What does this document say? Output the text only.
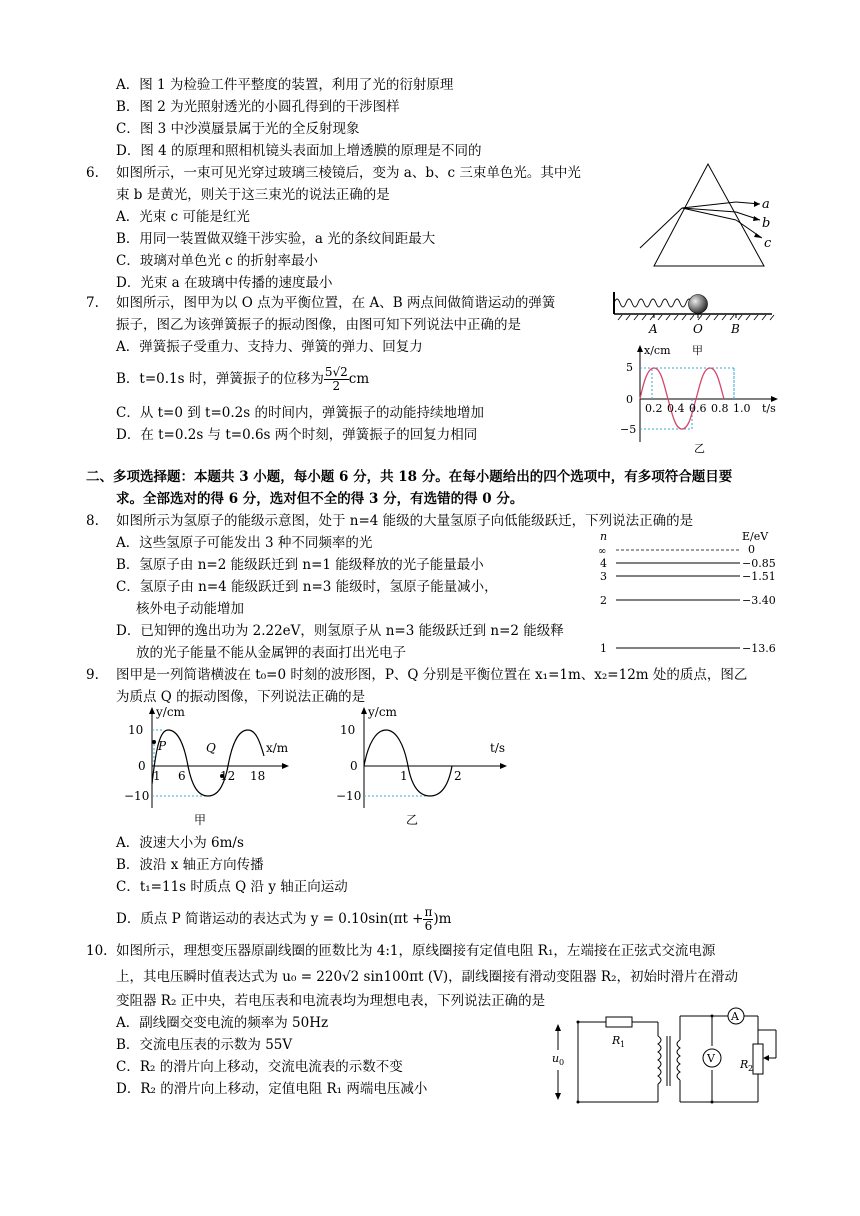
A．图 1 为检验工件平整度的装置，利用了光的衍射原理
B．图 2 为光照射透光的小圆孔得到的干涉图样
C．图 3 中沙漠蜃景属于光的全反射现象
D．图 4 的原理和照相机镜头表面加上增透膜的原理是不同的
6. 如图所示，一束可见光穿过玻璃三棱镜后，变为 a、b、c 三束单色光。其中光
束 b 是黄光，则关于这三束光的说法正确的是
A．光束 c 可能是红光
B．用同一装置做双缝干涉实验，a 光的条纹间距最大
C．玻璃对单色光 c 的折射率最小
D．光束 a 在玻璃中传播的速度最小
a
b
c
7. 如图所示，图甲为以 O 点为平衡位置，在 A、B 两点间做简谐运动的弹簧
振子，图乙为该弹簧振子的振动图像，由图可知下列说法中正确的是
A．弹簧振子受重力、支持力、弹簧的弹力、回复力
B．t=0.1s 时，弹簧振子的位移为 $\frac{5√2}{2}$ cm
C．从 t=0 到 t=0.2s 的时间内，弹簧振子的动能持续地增加
D．在 t=0.2s 与 t=0.6s 两个时刻，弹簧振子的回复力相同
A	O B
x/cm 甲
5
0
−5
0.2 0.4 0.6 0.8 1.0 t/s
乙
二、多项选择题：本题共 3 小题，每小题 6 分，共 18 分。在每小题给出的四个选项中，有多项符合题目要
求。全部选对的得 6 分，选对但不全的得 3 分，有选错的得 0 分。
8. 如图所示为氢原子的能级示意图，处于 n=4 能级的大量氢原子向低能级跃迁，下列说法正确的是
A．这些氢原子可能发出 3 种不同频率的光
B．氢原子由 n=2 能级跃迁到 n=1 能级释放的光子能量最小
C．氢原子由 n=4 能级跃迁到 n=3 能级时，氢原子能量减小，
核外电子动能增加
D．已知钾的逸出功为 2.22eV，则氢原子从 n=3 能级跃迁到 n=2 能级释
放的光子能量不能从金属钾的表面打出光电子
n	E/eV
∞	0
4	−0.85
3	−1.51
2	−3.40
1	−13.6
9. 图甲是一列简谐横波在 t₀=0 时刻的波形图，P、Q 分别是平衡位置在 x₁=1m、x₂=12m 处的质点，图乙
为质点 Q 的振动图像，下列说法正确的是
y/cm
10
0
−10
P	Q
1 6	12 18
x/m
甲
y/cm
10
0
−10
1	2
t/s
乙
A．波速大小为 6m/s
B．波沿 x 轴正方向传播
C．t₁=11s 时质点 Q 沿 y 轴正向运动
D．质点 P 简谐运动的表达式为 $y = 0.10\sin(\pi t + \frac{\pi}{6} )m$
10. 如图所示，理想变压器原副线圈的匝数比为 4:1，原线圈接有定值电阻 R₁，左端接在正弦式交流电源
上，其电压瞬时值表达式为 u₀ = 220√2 sin100πt (V)，副线圈接有滑动变阻器 R₂，初始时滑片在滑动
变阻器 R₂ 正中央，若电压表和电流表均为理想电表，下列说法正确的是
A．副线圈交变电流的频率为 50Hz
B．交流电压表的示数为 55V
C．R₂ 的滑片向上移动，交流电流表的示数不变
D．R₂ 的滑片向上移动，定值电阻 R₁ 两端电压减小
R 1
u 0	V
A
R 2
